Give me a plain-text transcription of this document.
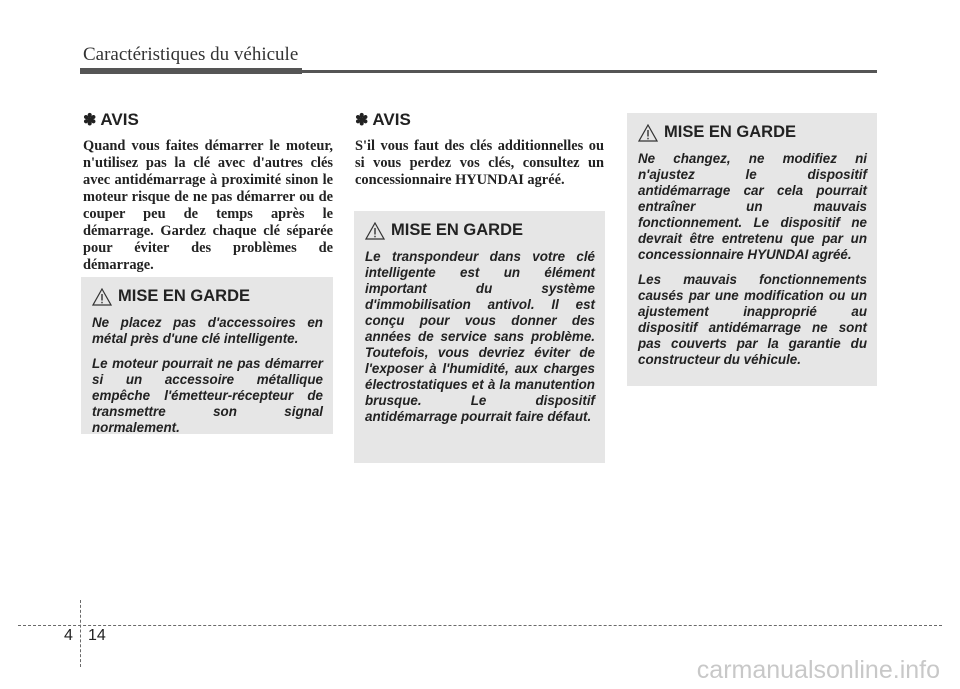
Caractéristiques du véhicule
✽ AVIS

Quand vous faites démarrer le moteur, n'utilisez pas la clé avec d'autres clés avec antidémarrage à proximité sinon le moteur risque de ne pas démarrer ou de couper peu de temps après le démarrage. Gardez chaque clé séparée pour éviter des problèmes de démarrage.

MISE EN GARDE

Ne placez pas d'accessoires en métal près d'une clé intelligente.

Le moteur pourrait ne pas démarrer si un accessoire métallique empêche l'émetteur-récepteur de transmettre son signal normalement.

✽ AVIS

S'il vous faut des clés additionnelles ou si vous perdez vos clés, consultez un concessionnaire HYUNDAI agréé.

MISE EN GARDE

Le transpondeur dans votre clé intelligente est un élément important du système d'immobilisation antivol. Il est conçu pour vous donner des années de service sans problème. Toutefois, vous devriez éviter de l'exposer à l'humidité, aux charges électrostatiques et à la manutention brusque. Le dispositif antidémarrage pourrait faire défaut.

MISE EN GARDE

Ne changez, ne modifiez ni n'ajustez le dispositif antidémarrage car cela pourrait entraîner un mauvais fonctionnement. Le dispositif ne devrait être entretenu que par un concessionnaire HYUNDAI agréé.

Les mauvais fonctionnements causés par une modification ou un ajustement inapproprié au dispositif antidémarrage ne sont pas couverts par la garantie du constructeur du véhicule.

4 14
carmanualsonline.info
